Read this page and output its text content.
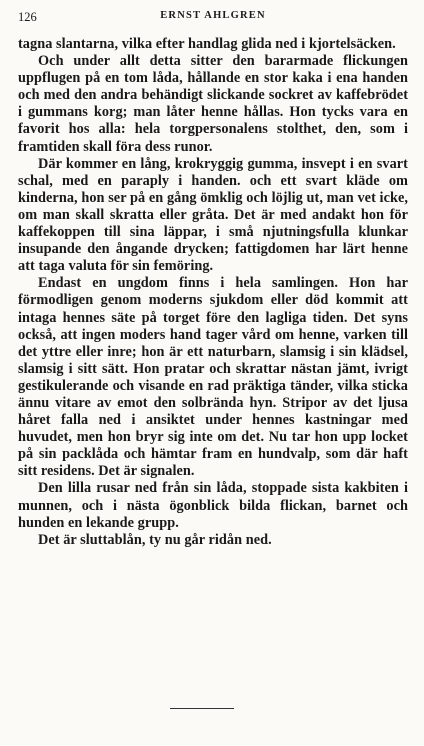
126	ERNST AHLGREN

tagna slantarna, vilka efter handlag glida ned i kjortelsäcken.

Och under allt detta sitter den bararmade flickungen uppflugen på en tom låda, hållande en stor kaka i ena handen och med den andra behändigt slickande sockret av kaffebrödet i gummans korg; man låter henne hållas. Hon tycks vara en favorit hos alla: hela torgpersonalens stolthet, den, som i framtiden skall föra dess runor.

Där kommer en lång, krokryggig gumma, insvept i en svart schal, med en paraply i handen. och ett svart kläde om kinderna, hon ser på en gång ömklig och löjlig ut, man vet icke, om man skall skratta eller gråta. Det är med andakt hon för kaffekoppen till sina läppar, i små njutningsfulla klunkar insupande den ångande drycken; fattigdomen har lärt henne att taga valuta för sin femöring.

Endast en ungdom finns i hela samlingen. Hon har förmodligen genom moderns sjukdom eller död kommit att intaga hennes säte på torget före den lagliga tiden. Det syns också, att ingen moders hand tager vård om henne, varken till det yttre eller inre; hon är ett naturbarn, slamsig i sin klädsel, slamsig i sitt sätt. Hon pratar och skrattar nästan jämt, ivrigt gestikulerande och visande en rad präktiga tänder, vilka sticka ännu vitare av emot den solbrända hyn. Stripor av det ljusa håret falla ned i ansiktet under hennes kastningar med huvudet, men hon bryr sig inte om det. Nu tar hon upp locket på sin packlåda och hämtar fram en hundvalp, som där haft sitt residens. Det är signalen.

Den lilla rusar ned från sin låda, stoppade sista kakbiten i munnen, och i nästa ögonblick bilda flickan, barnet och hunden en lekande grupp.

Det är sluttablån, ty nu går ridån ned.
